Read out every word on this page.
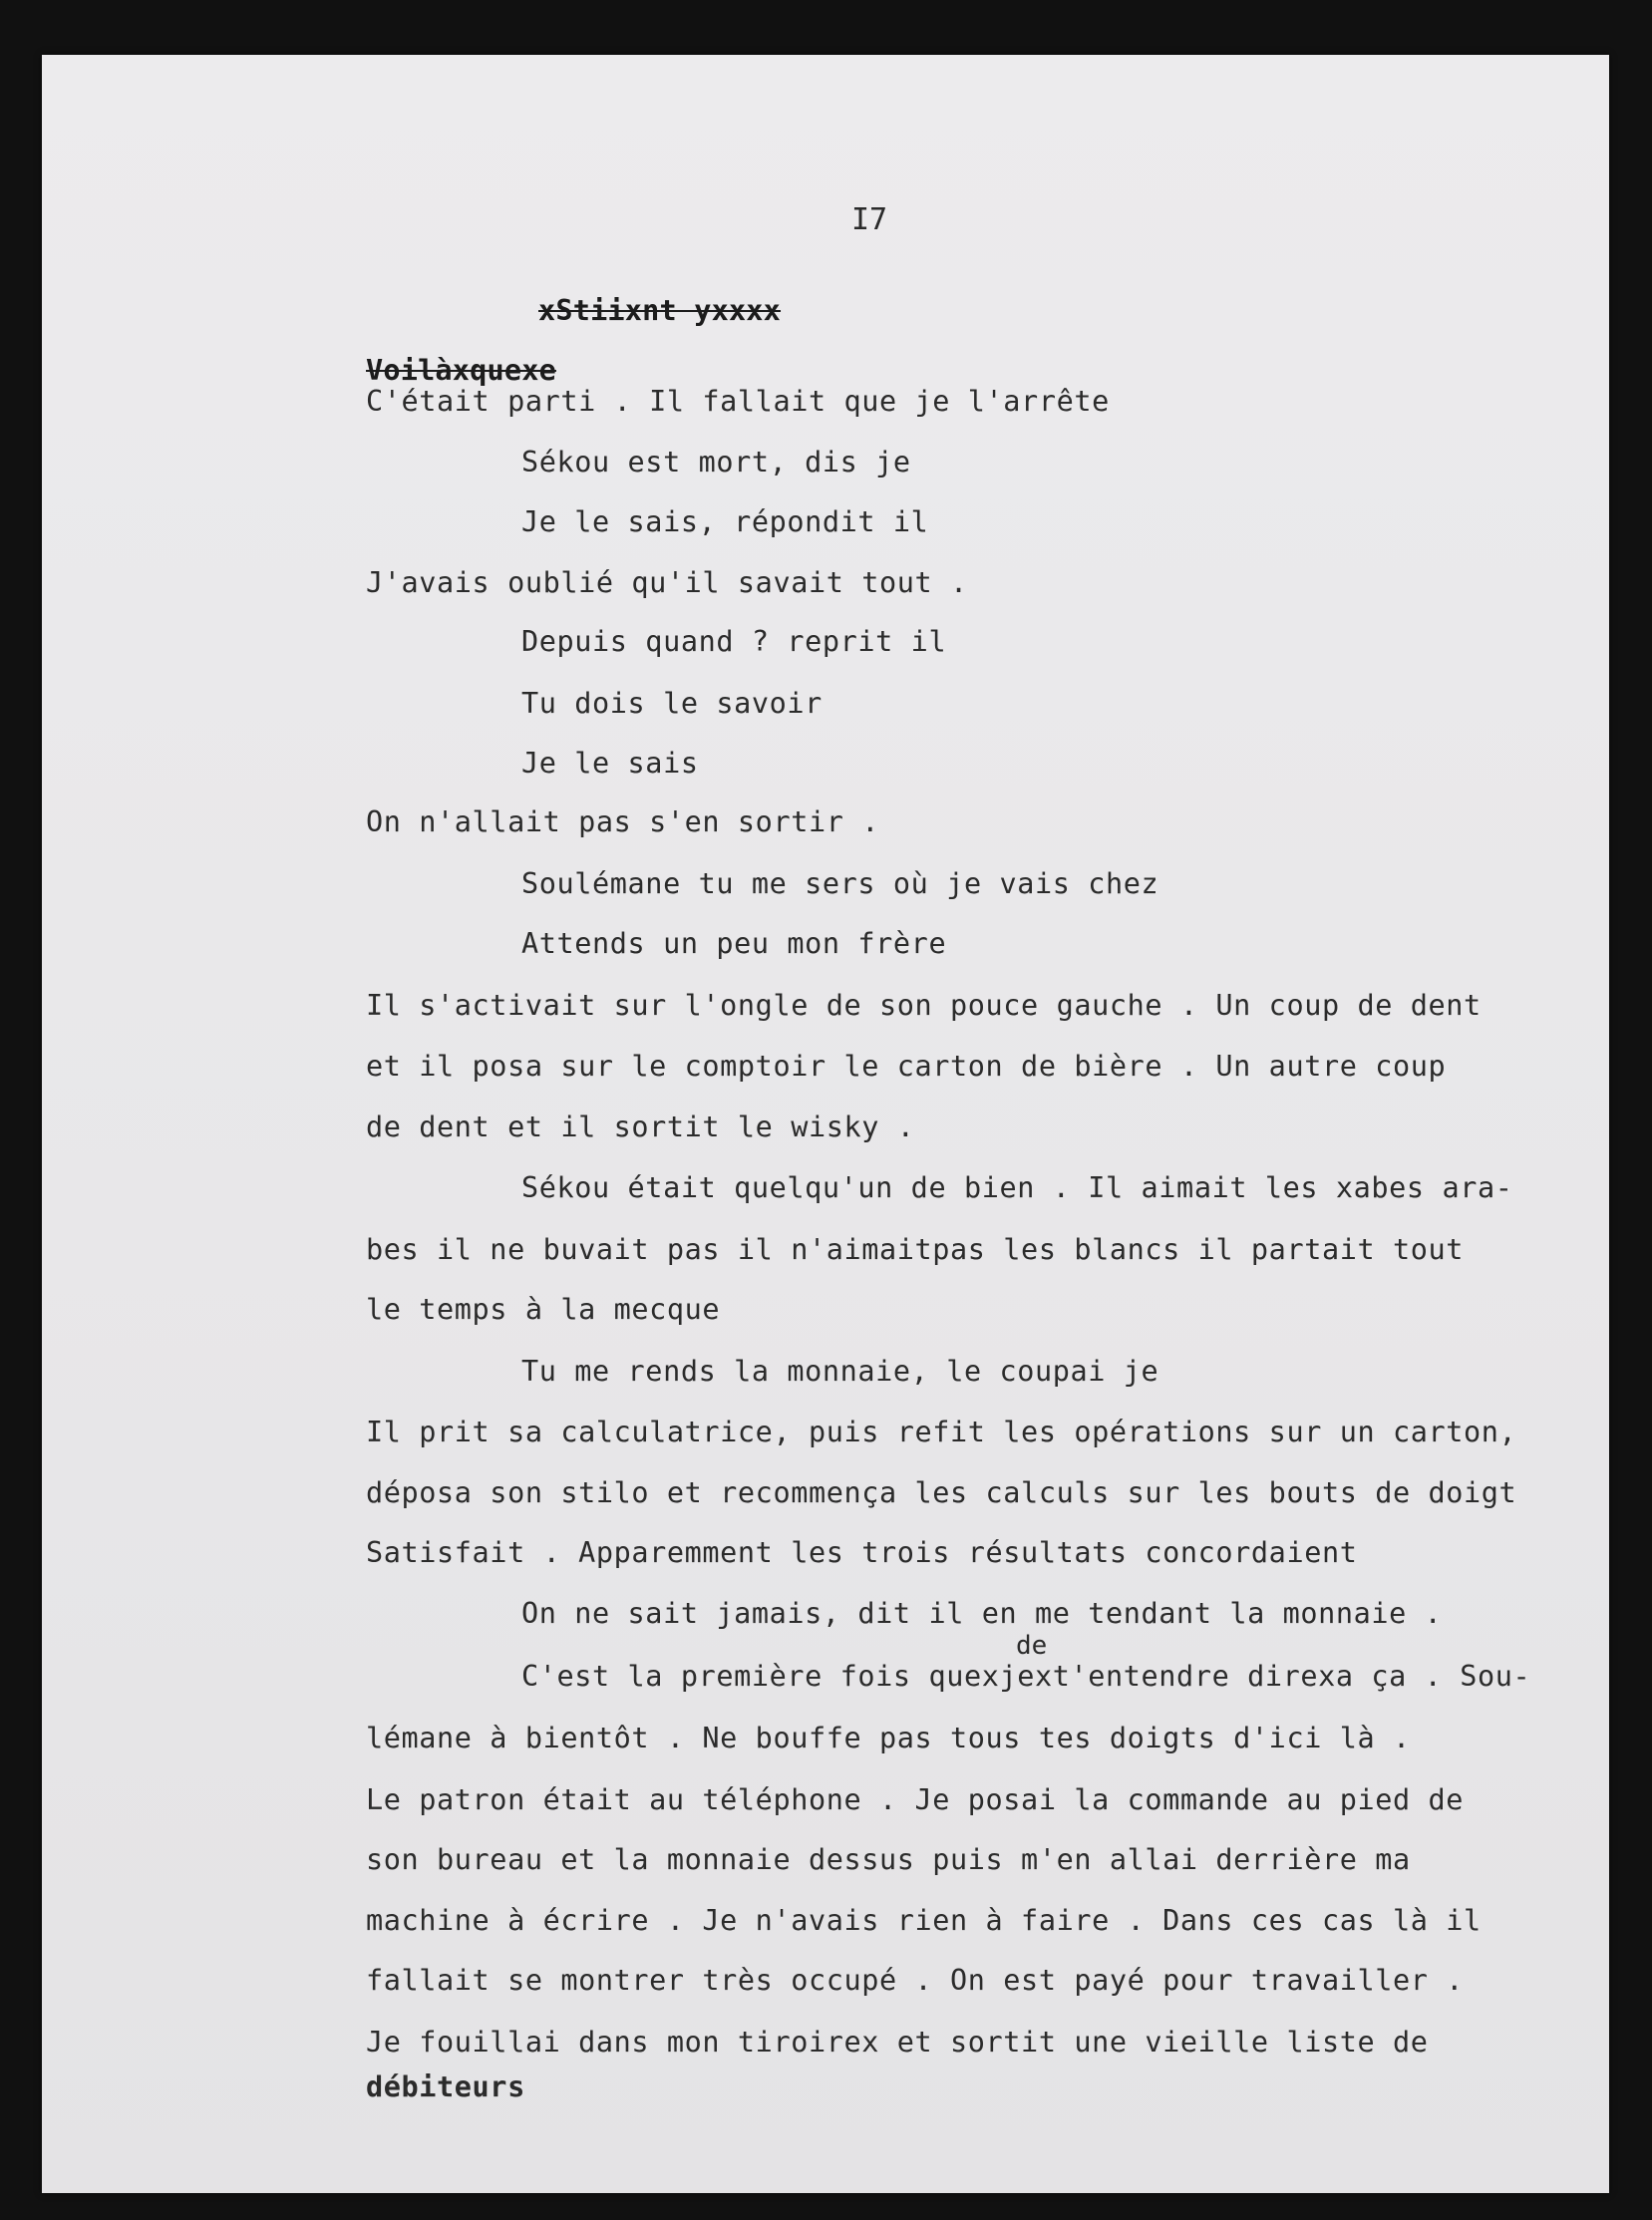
I7
xStiixnt yxxxx
Voilàxquexe
C'était parti . Il fallait que je l'arrête
Sékou est mort, dis je
Je le sais, répondit il
J'avais oublié qu'il savait tout .
Depuis quand ? reprit il
Tu dois le savoir
Je le sais
On n'allait pas s'en sortir .
Soulémane tu me sers où je vais chez
Attends un peu mon frère
Il s'activait sur l'ongle de son pouce gauche . Un coup de dent
et il posa sur le comptoir le carton de bière . Un autre coup
de dent et il sortit le wisky .
Sékou était quelqu'un de bien . Il aimait les xabes ara-
bes il ne buvait pas il n'aimaitpas les blancs il partait tout
le temps à la mecque
Tu me rends la monnaie, le coupai je
Il prit sa calculatrice, puis refit les opérations sur un carton,
déposa son stilo et recommença les calculs sur les bouts de doigt
Satisfait . Apparemment les trois résultats concordaient
On ne sait jamais, dit il en me tendant la monnaie .
de
C'est la première fois quexjext'entendre direxa ça . Sou-
lémane à bientôt . Ne bouffe pas tous tes doigts d'ici là .
Le patron était au téléphone . Je posai la commande au pied de
son bureau et la monnaie dessus puis m'en allai derrière ma
machine à écrire . Je n'avais rien à faire . Dans ces cas là il
fallait se montrer très occupé . On est payé pour travailler .
Je fouillai dans mon tiroirex et sortit une vieille liste de
débiteurs
